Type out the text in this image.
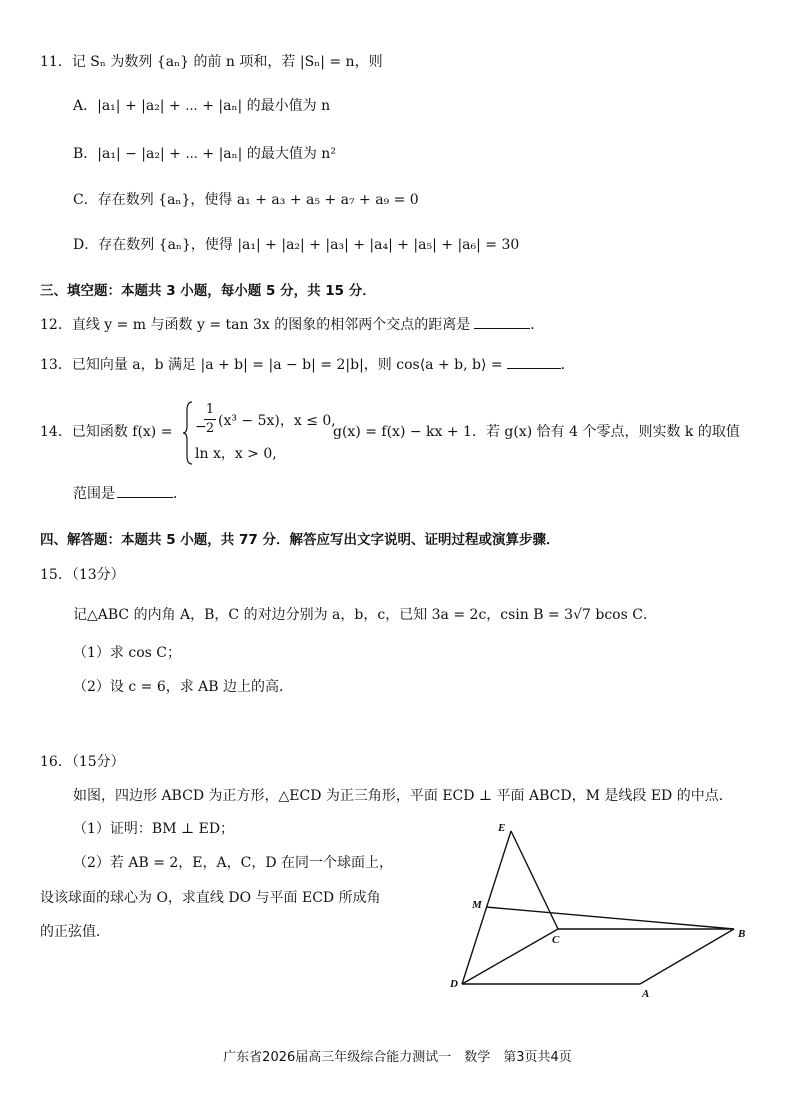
11．记 Sₙ 为数列 {aₙ} 的前 n 项和，若 |Sₙ| = n，则
A．|a₁| + |a₂| + ⋯ + |aₙ| 的最小值为 n
B．|a₁| − |a₂| + ⋯ + |aₙ| 的最大值为 n²
C．存在数列 {aₙ}，使得 a₁ + a₃ + a₅ + a₇ + a₉ = 0
D．存在数列 {aₙ}，使得 |a₁| + |a₂| + |a₃| + |a₄| + |a₅| + |a₆| = 30
三、填空题：本题共 3 小题，每小题 5 分，共 15 分．
12．直线 y = m 与函数 y = tan 3x 的图象的相邻两个交点的距离是	．
13．已知向量 a，b 满足 |a + b| = |a − b| = 2|b|，则 cos⟨a + b, b⟩ =	．
14．已知函数 f(x) = −
1
2 (x³ − 5x)，x ≤ 0,
ln x，x > 0,
g(x) = f(x) − kx + 1．若 g(x) 恰有 4 个零点，则实数 k 的取值
范围是	．
四、解答题：本题共 5 小题，共 77 分．解答应写出文字说明、证明过程或演算步骤．
15．（13分）
记△ABC 的内角 A，B，C 的对边分别为 a，b，c，已知 3a = 2c，csin B = 3√7 bcos C．
（1）求 cos C；
（2）设 c = 6，求 AB 边上的高．
16．（15分）
如图，四边形 ABCD 为正方形，△ECD 为正三角形，平面 ECD ⊥ 平面 ABCD，M 是线段 ED 的中点．
（1）证明：BM ⊥ ED；
（2）若 AB = 2，E，A，C，D 在同一个球面上，
设该球面的球心为 O，求直线 DO 与平面 ECD 所成角
的正弦值．
E
M
C	B
D
A
广东省2026届高三年级综合能力测试一　数学　第3页共4页
